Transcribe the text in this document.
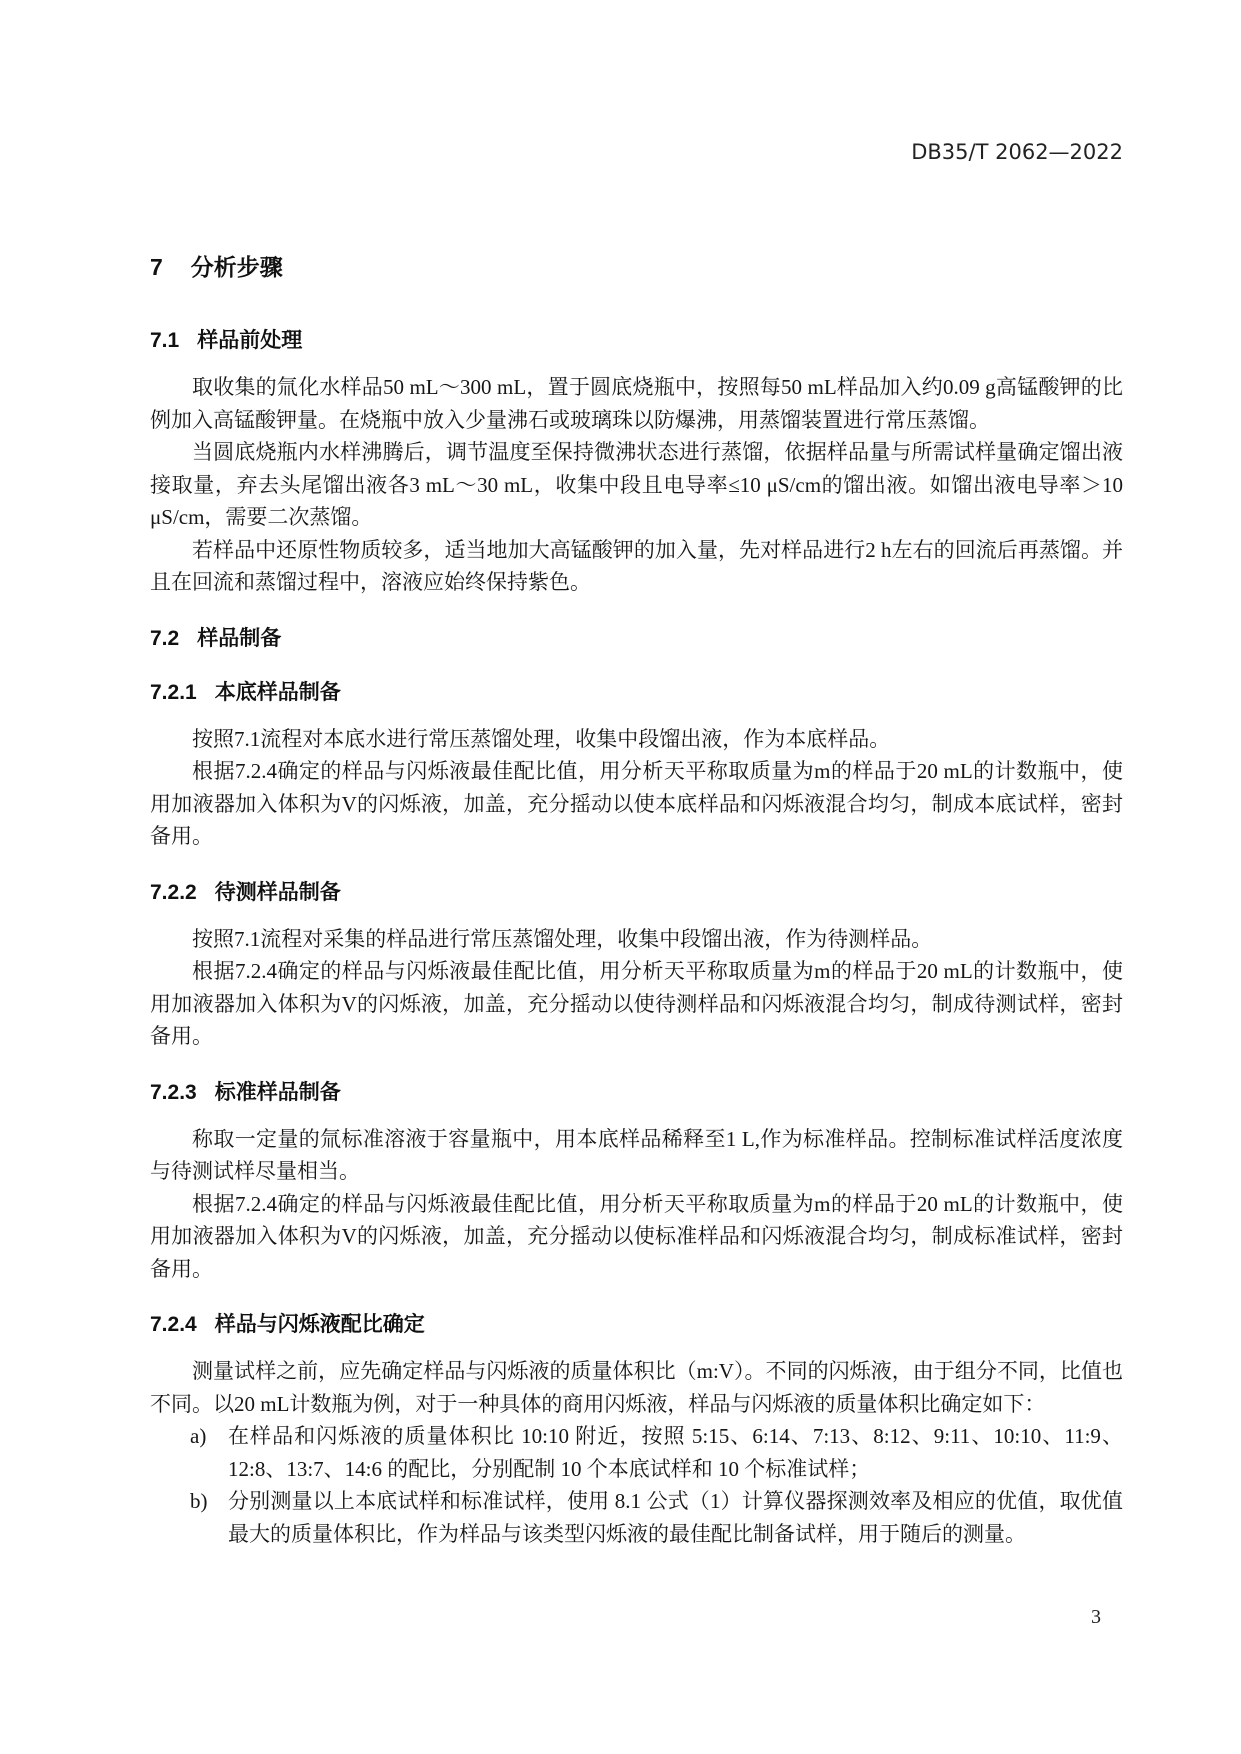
DB35/T 2062—2022
7 分析步骤
7.1 样品前处理

取收集的氚化水样品50 mL～300 mL，置于圆底烧瓶中，按照每50 mL样品加入约0.09 g高锰酸钾的比例加入高锰酸钾量。在烧瓶中放入少量沸石或玻璃珠以防爆沸，用蒸馏装置进行常压蒸馏。

当圆底烧瓶内水样沸腾后，调节温度至保持微沸状态进行蒸馏，依据样品量与所需试样量确定馏出液接取量，弃去头尾馏出液各3 mL～30 mL，收集中段且电导率≤10 μS/cm的馏出液。如馏出液电导率＞10 μS/cm，需要二次蒸馏。

若样品中还原性物质较多，适当地加大高锰酸钾的加入量，先对样品进行2 h左右的回流后再蒸馏。并且在回流和蒸馏过程中，溶液应始终保持紫色。

7.2 样品制备
7.2.1 本底样品制备

按照7.1流程对本底水进行常压蒸馏处理，收集中段馏出液，作为本底样品。

根据7.2.4确定的样品与闪烁液最佳配比值，用分析天平称取质量为m的样品于20 mL的计数瓶中，使用加液器加入体积为V的闪烁液，加盖，充分摇动以使本底样品和闪烁液混合均匀，制成本底试样，密封备用。

7.2.2 待测样品制备

按照7.1流程对采集的样品进行常压蒸馏处理，收集中段馏出液，作为待测样品。

根据7.2.4确定的样品与闪烁液最佳配比值，用分析天平称取质量为m的样品于20 mL的计数瓶中，使用加液器加入体积为V的闪烁液，加盖，充分摇动以使待测样品和闪烁液混合均匀，制成待测试样，密封备用。

7.2.3 标准样品制备

称取一定量的氚标准溶液于容量瓶中，用本底样品稀释至1 L,作为标准样品。控制标准试样活度浓度与待测试样尽量相当。

根据7.2.4确定的样品与闪烁液最佳配比值，用分析天平称取质量为m的样品于20 mL的计数瓶中，使用加液器加入体积为V的闪烁液，加盖，充分摇动以使标准样品和闪烁液混合均匀，制成标准试样，密封备用。

7.2.4 样品与闪烁液配比确定

测量试样之前，应先确定样品与闪烁液的质量体积比（m:V）。不同的闪烁液，由于组分不同，比值也不同。以20 mL计数瓶为例，对于一种具体的商用闪烁液，样品与闪烁液的质量体积比确定如下：

a) 在样品和闪烁液的质量体积比 10:10 附近，按照 5:15、6:14、7:13、8:12、9:11、10:10、11:9、12:8、13:7、14:6 的配比，分别配制 10 个本底试样和 10 个标准试样；
b) 分别测量以上本底试样和标准试样，使用 8.1 公式（1）计算仪器探测效率及相应的优值，取优值最大的质量体积比，作为样品与该类型闪烁液的最佳配比制备试样，用于随后的测量。
3
